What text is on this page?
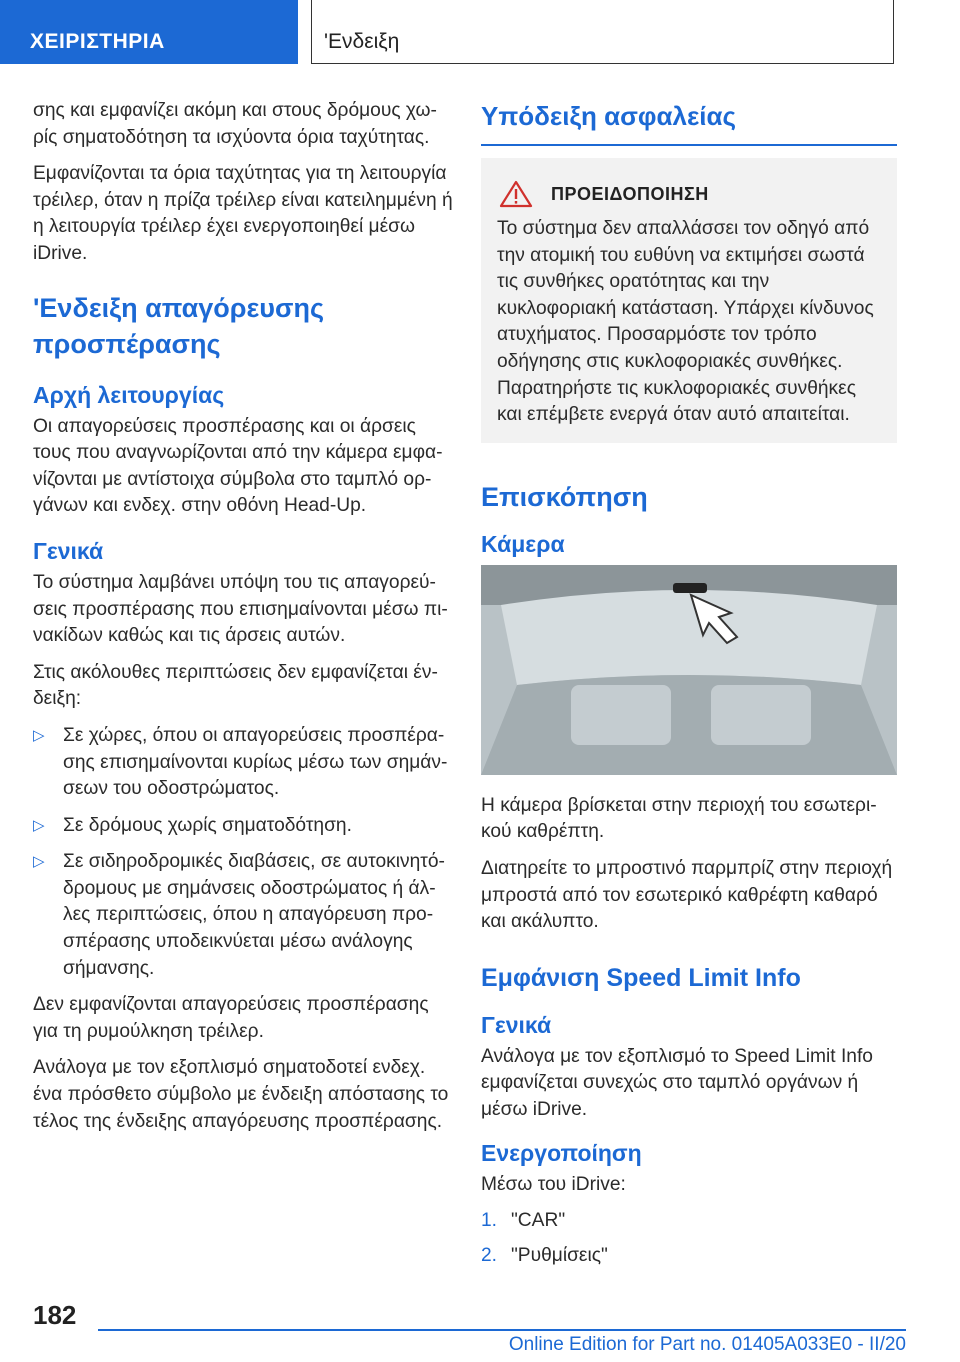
ΧΕΙΡΙΣΤΗΡΙΑ	'Ενδειξη

σης και εμφανίζει ακόμη και στους δρόμους χωρίς σηματοδότηση τα ισχύοντα όρια ταχύτητας.

Εμφανίζονται τα όρια ταχύτητας για τη λειτουργία τρέιλερ, όταν η πρίζα τρέιλερ είναι κατειλημμένη ή η λειτουργία τρέιλερ έχει ενεργοποιηθεί μέσω iDrive.

'Ενδειξη απαγόρευσης προσπέρασης
Αρχή λειτουργίας

Οι απαγορεύσεις προσπέρασης και οι άρσεις τους που αναγνωρίζονται από την κάμερα εμφανίζονται με αντίστοιχα σύμβολα στο ταμπλό οργάνων και ενδεχ. στην οθόνη Head-Up.

Γενικά

Το σύστημα λαμβάνει υπόψη του τις απαγορεύσεις προσπέρασης που επισημαίνονται μέσω πινακίδων καθώς και τις άρσεις αυτών.

Στις ακόλουθες περιπτώσεις δεν εμφανίζεται ένδειξη:

▷ Σε χώρες, όπου οι απαγορεύσεις προσπέρασης επισημαίνονται κυρίως μέσω των σημάνσεων του οδοστρώματος.
▷ Σε δρόμους χωρίς σηματοδότηση.
▷ Σε σιδηροδρομικές διαβάσεις, σε αυτοκινητόδρομους με σημάνσεις οδοστρώματος ή άλλες περιπτώσεις, όπου η απαγόρευση προσπέρασης υποδεικνύεται μέσω ανάλογης σήμανσης.

Δεν εμφανίζονται απαγορεύσεις προσπέρασης για τη ρυμούλκηση τρέιλερ.

Ανάλογα με τον εξοπλισμό σηματοδοτεί ενδεχ. ένα πρόσθετο σύμβολο με ένδειξη απόστασης το τέλος της ένδειξης απαγόρευσης προσπέρασης.

Υπόδειξη ασφαλείας
ΠΡΟΕΙΔΟΠΟΙΗΣΗ
Το σύστημα δεν απαλλάσσει τον οδηγό από την ατομική του ευθύνη να εκτιμήσει σωστά τις συνθήκες ορατότητας και την κυκλοφοριακή κατάσταση. Υπάρχει κίνδυνος ατυχήματος. Προσαρμόστε τον τρόπο οδήγησης στις κυκλοφοριακές συνθήκες. Παρατηρήστε τις κυκλοφοριακές συνθήκες και επέμβετε ενεργά όταν αυτό απαιτείται.
Επισκόπηση
Κάμερα

Η κάμερα βρίσκεται στην περιοχή του εσωτερικού καθρέπτη.

Διατηρείτε το μπροστινό παρμπρίζ στην περιοχή μπροστά από τον εσωτερικό καθρέφτη καθαρό και ακάλυπτο.

Εμφάνιση Speed Limit Info
Γενικά

Ανάλογα με τον εξοπλισμό το Speed Limit Info εμφανίζεται συνεχώς στο ταμπλό οργάνων ή μέσω iDrive.

Ενεργοποίηση

Μέσω του iDrive:

1. "CAR"
2. "Ρυθμίσεις"
182
Online Edition for Part no. 01405A033E0 - II/20
